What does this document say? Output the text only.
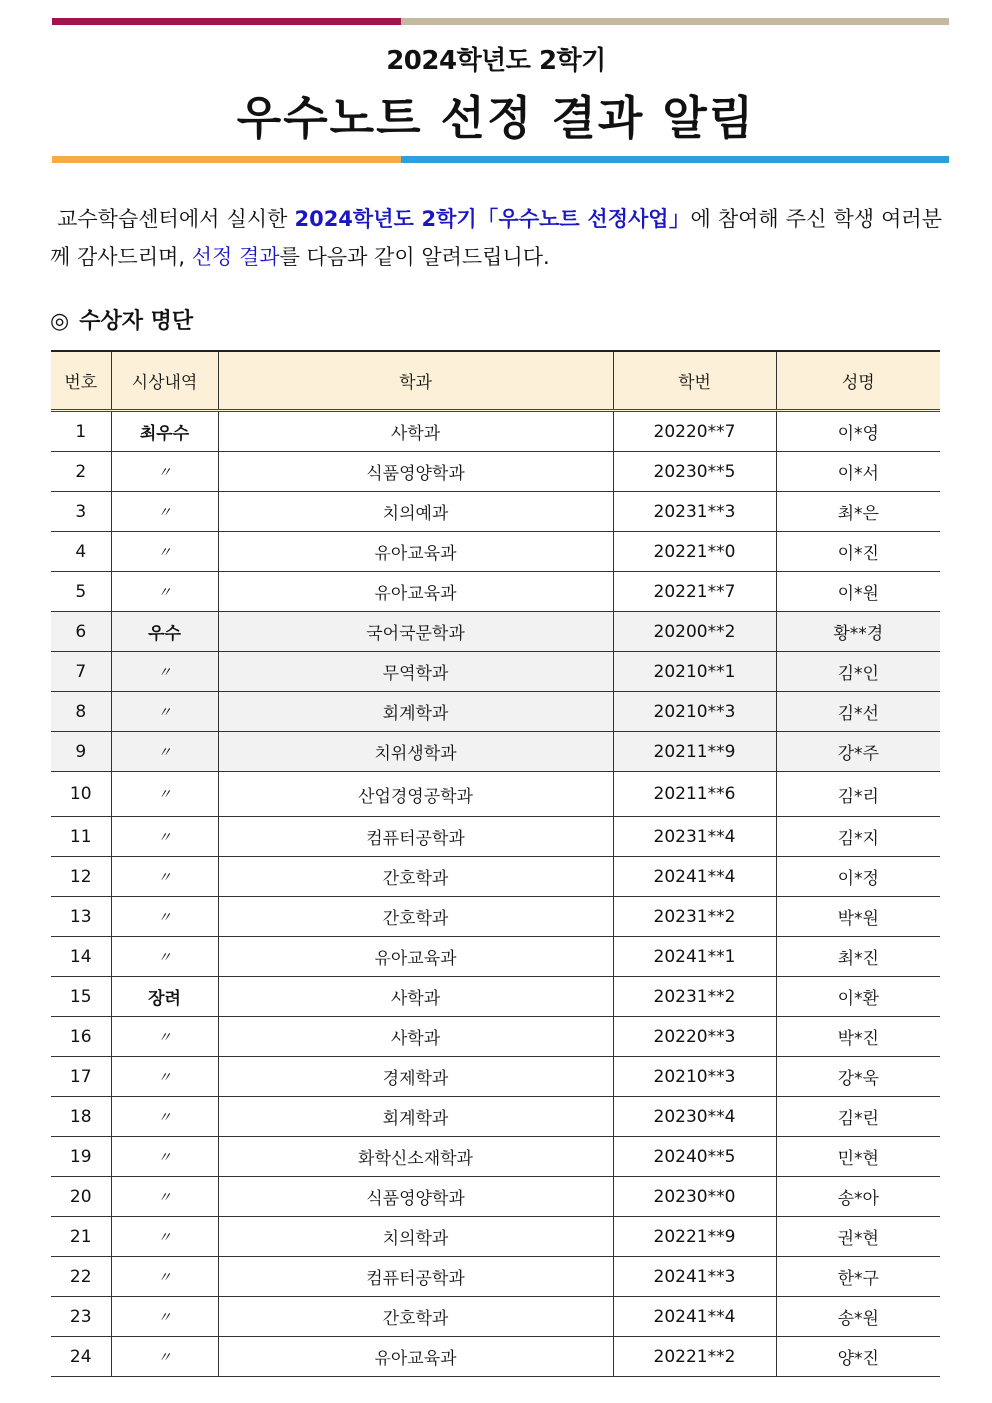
2024학년도 2학기
우수노트 선정 결과 알림
교수학습센터에서 실시한 2024학년도 2학기「우수노트 선정사업」에 참여해 주신 학생 여러분께 감사드리며, 선정 결과를 다음과 같이 알려드립니다.
◎ 수상자 명단
번호	시상내역	학과	학번	성명
1	최우수	사학과	20220**7	이*영
2	〃	식품영양학과	20230**5	이*서
3	〃	치의예과	20231**3	최*은
4	〃	유아교육과	20221**0	이*진
5	〃	유아교육과	20221**7	이*원
6	우수	국어국문학과	20200**2	황**경
7	〃	무역학과	20210**1	김*인
8	〃	회계학과	20210**3	김*선
9	〃	치위생학과	20211**9	강*주
10	〃	산업경영공학과	20211**6	김*리
11	〃	컴퓨터공학과	20231**4	김*지
12	〃	간호학과	20241**4	이*정
13	〃	간호학과	20231**2	박*원
14	〃	유아교육과	20241**1	최*진
15	장려	사학과	20231**2	이*환
16	〃	사학과	20220**3	박*진
17	〃	경제학과	20210**3	강*욱
18	〃	회계학과	20230**4	김*린
19	〃	화학신소재학과	20240**5	민*현
20	〃	식품영양학과	20230**0	송*아
21	〃	치의학과	20221**9	권*현
22	〃	컴퓨터공학과	20241**3	한*구
23	〃	간호학과	20241**4	송*원
24	〃	유아교육과	20221**2	양*진
